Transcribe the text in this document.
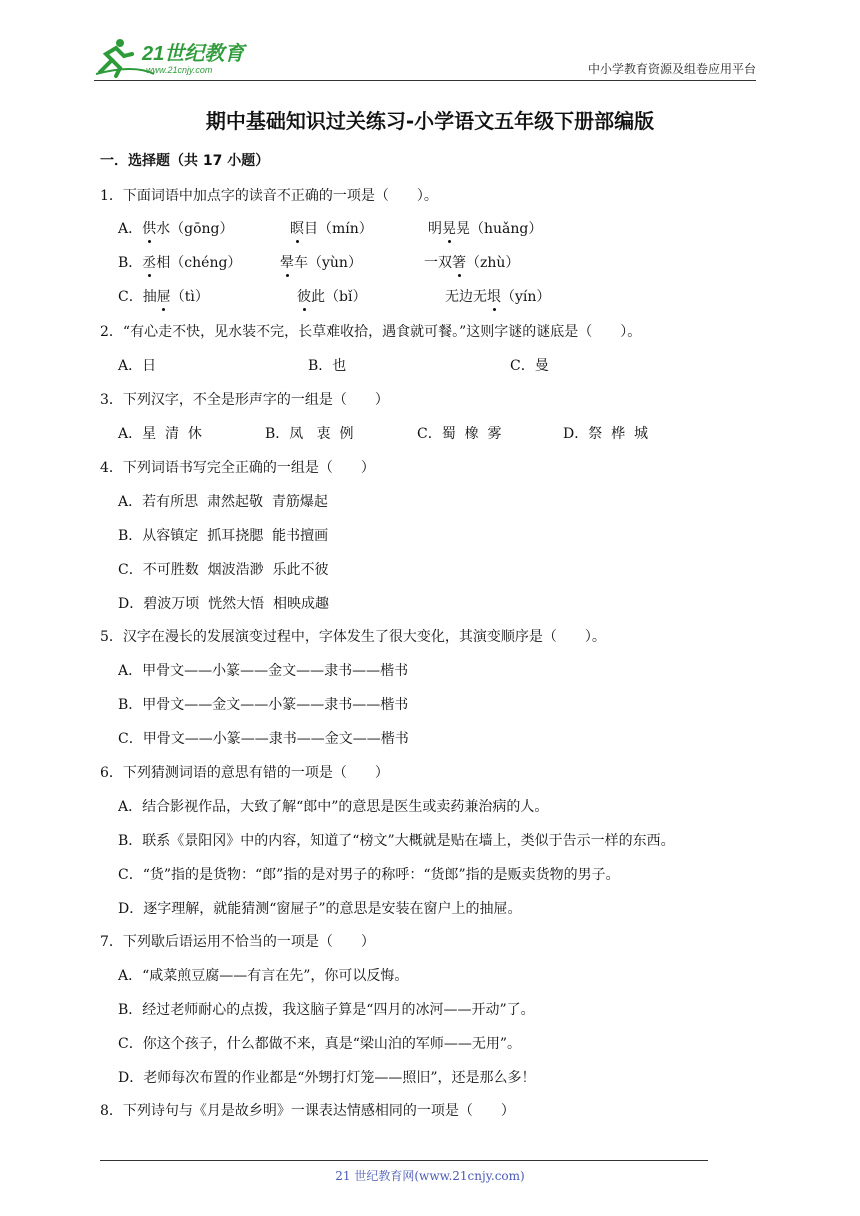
21世纪教育
www.21cnjy.com	中小学教育资源及组卷应用平台
期中基础知识过关练习-小学语文五年级下册部编版
一．选择题（共 17 小题）
1．下面词语中加点字的读音不正确的一项是（　　）。
A．供水（gōng）	瞑目（mín）	明晃晃（huǎng）
B．丞相（chéng）	晕车（yùn）	一双箸（zhù）
C．抽屉（tì）	彼此（bǐ）	无边无垠（yín）
2．“有心走不快，见水装不完，长草难收拾，遇食就可餐。”这则字谜的谜底是（　　）。
A．日	B．也	C．曼
3．下列汉字，不全是形声字的一组是（　　）
A．星  清  休	B．凤   衷  例	C．蜀  橡  雾	D．祭  桦  城
4．下列词语书写完全正确的一组是（　　）
A．若有所思  肃然起敬  青筋爆起
B．从容镇定  抓耳挠腮  能书擅画
C．不可胜数  烟波浩渺  乐此不彼
D．碧波万顷  恍然大悟  相映成趣
5．汉字在漫长的发展演变过程中，字体发生了很大变化，其演变顺序是（　　）。
A．甲骨文——小篆——金文——隶书——楷书
B．甲骨文——金文——小篆——隶书——楷书
C．甲骨文——小篆——隶书——金文——楷书
6．下列猜测词语的意思有错的一项是（　　）
A．结合影视作品，大致了解“郎中”的意思是医生或卖药兼治病的人。
B．联系《景阳冈》中的内容，知道了“榜文”大概就是贴在墙上，类似于告示一样的东西。
C．“货”指的是货物：“郎”指的是对男子的称呼：“货郎”指的是贩卖货物的男子。
D．逐字理解，就能猜测“窗屉子”的意思是安装在窗户上的抽屉。
7．下列歇后语运用不恰当的一项是（　　）
A．“咸菜煎豆腐——有言在先”，你可以反悔。
B．经过老师耐心的点拨，我这脑子算是“四月的冰河——开动”了。
C．你这个孩子，什么都做不来，真是“梁山泊的军师——无用”。
D．老师每次布置的作业都是“外甥打灯笼——照旧”，还是那么多！
8．下列诗句与《月是故乡明》一课表达情感相同的一项是（　　）
21 世纪教育网(www.21cnjy.com)
